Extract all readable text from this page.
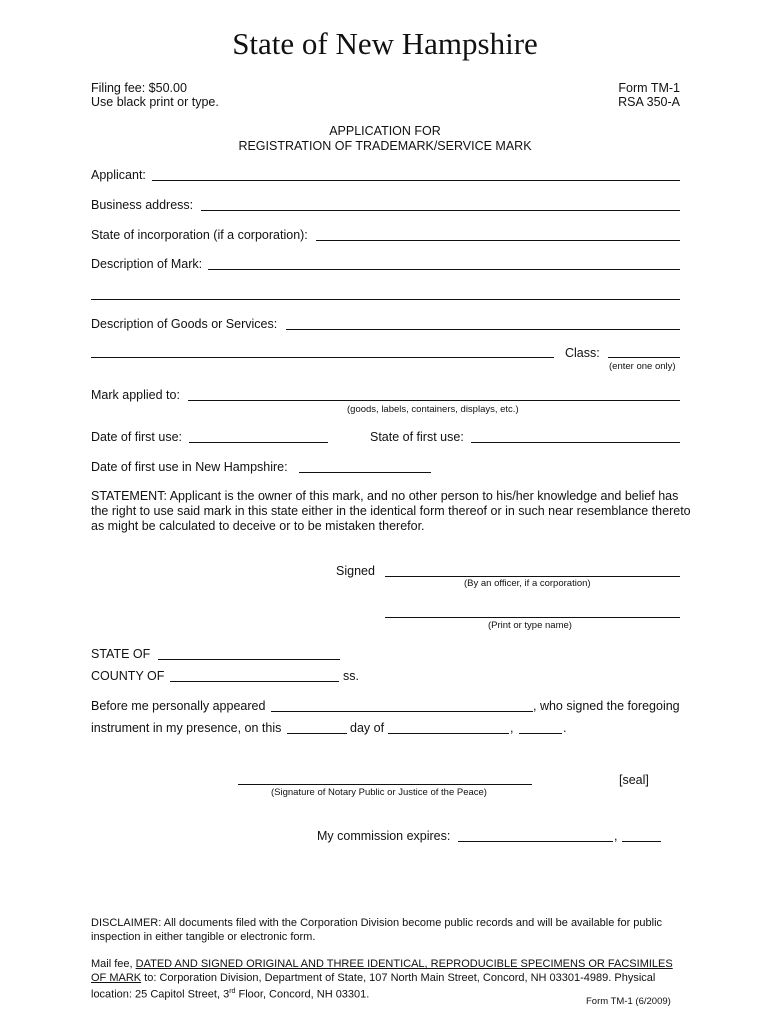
State of New Hampshire
Filing fee: $50.00
Use black print or type.
Form TM-1
RSA 350-A
APPLICATION FOR
REGISTRATION OF TRADEMARK/SERVICE MARK
Applicant:
Business address:
State of incorporation (if a corporation):
Description of Mark:
Description of Goods or Services:
Class:
(enter one only)
Mark applied to:
(goods, labels, containers, displays, etc.)
Date of first use:	State of first use:
Date of first use in New Hampshire:
STATEMENT: Applicant is the owner of this mark, and no other person to his/her knowledge and belief has the right to use said mark in this state either in the identical form thereof or in such near resemblance thereto as might be calculated to deceive or to be mistaken therefor.
Signed
(By an officer, if a corporation)
(Print or type name)
STATE OF
COUNTY OF	ss.
Before me personally appeared	, who signed the foregoing
instrument in my presence, on this	day of	,	.
[seal]
(Signature of Notary Public or Justice of the Peace)
My commission expires:	,
DISCLAIMER: All documents filed with the Corporation Division become public records and will be available for public inspection in either tangible or electronic form.
Mail fee, DATED AND SIGNED ORIGINAL AND THREE IDENTICAL, REPRODUCIBLE SPECIMENS OR FACSIMILES OF MARK to: Corporation Division, Department of State, 107 North Main Street, Concord, NH 03301-4989. Physical location: 25 Capitol Street, 3rd Floor, Concord, NH 03301.
Form TM-1 (6/2009)
